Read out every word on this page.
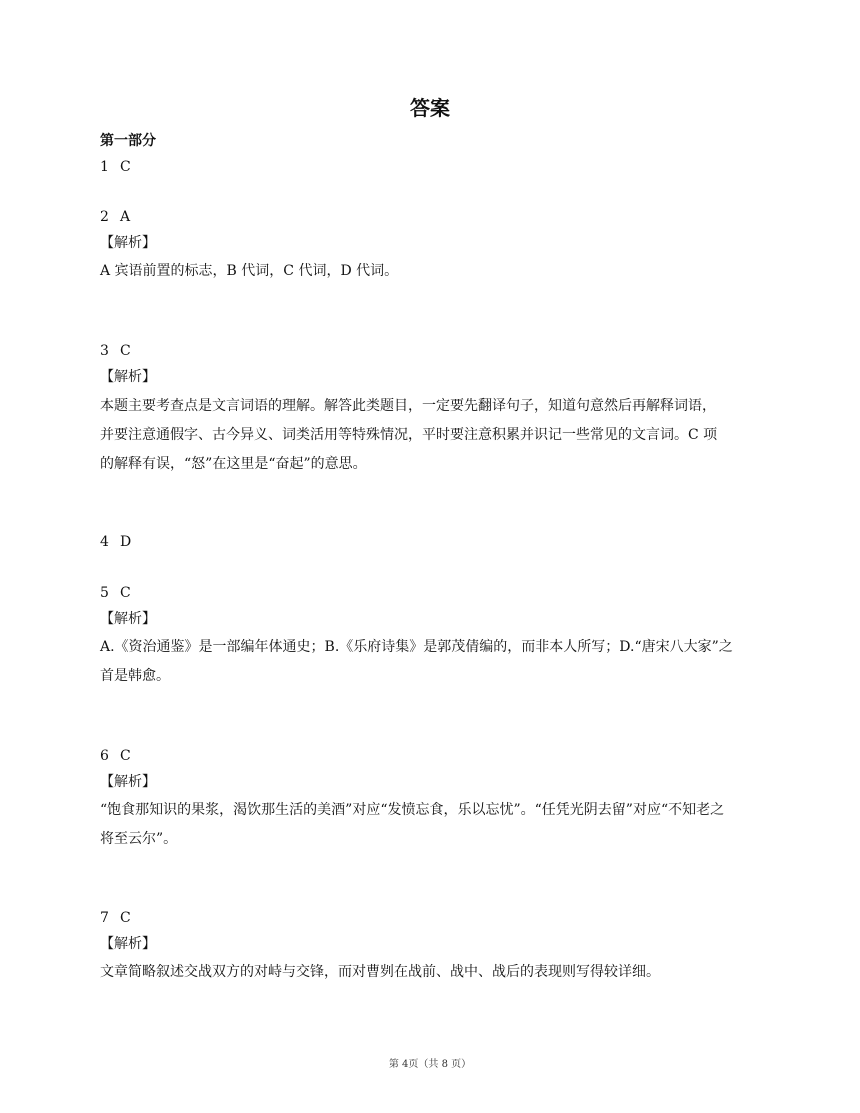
答案
第一部分
1 C
2 A
【解析】
A 宾语前置的标志，B 代词，C 代词，D 代词。
3 C
【解析】
本题主要考查点是文言词语的理解。解答此类题目，一定要先翻译句子，知道句意然后再解释词语，
并要注意通假字、古今异义、词类活用等特殊情况，平时要注意积累并识记一些常见的文言词。C 项
的解释有误，“怒”在这里是“奋起”的意思。
4 D
5 C
【解析】
A.《资治通鉴》是一部编年体通史；B.《乐府诗集》是郭茂倩编的，而非本人所写；D.“唐宋八大家”之
首是韩愈。
6 C
【解析】
“饱食那知识的果浆，渴饮那生活的美酒”对应“发愤忘食，乐以忘忧”。“任凭光阴去留”对应“不知老之
将至云尔”。
7 C
【解析】
文章简略叙述交战双方的对峙与交锋，而对曹刿在战前、战中、战后的表现则写得较详细。
第 4页（共 8 页）
